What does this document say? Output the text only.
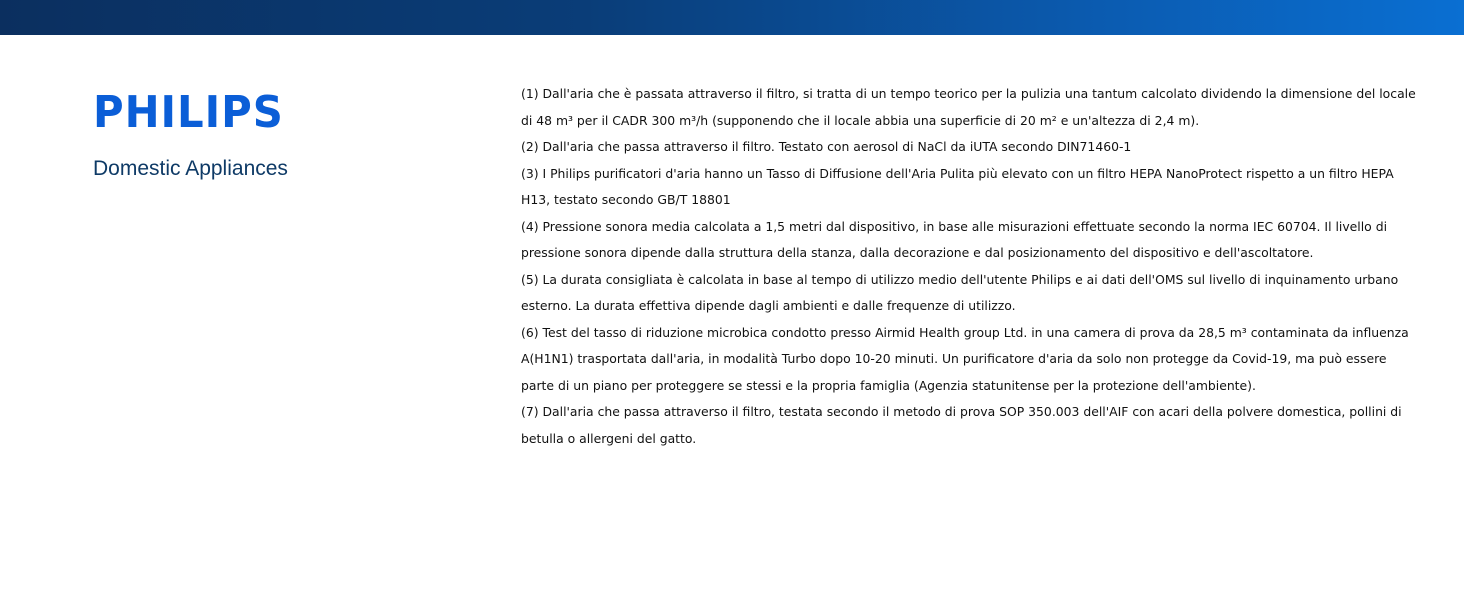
PHILIPS
Domestic Appliances

(1) Dall'aria che è passata attraverso il filtro, si tratta di un tempo teorico per la pulizia una tantum calcolato dividendo la dimensione del locale di 48 m³ per il CADR 300 m³/h (supponendo che il locale abbia una superficie di 20 m² e un'altezza di 2,4 m).

(2) Dall'aria che passa attraverso il filtro. Testato con aerosol di NaCl da iUTA secondo DIN71460-1

(3) I Philips purificatori d'aria hanno un Tasso di Diffusione dell'Aria Pulita più elevato con un filtro HEPA NanoProtect rispetto a un filtro HEPA H13, testato secondo GB/T 18801

(4) Pressione sonora media calcolata a 1,5 metri dal dispositivo, in base alle misurazioni effettuate secondo la norma IEC 60704. Il livello di pressione sonora dipende dalla struttura della stanza, dalla decorazione e dal posizionamento del dispositivo e dell'ascoltatore.

(5) La durata consigliata è calcolata in base al tempo di utilizzo medio dell'utente Philips e ai dati dell'OMS sul livello di inquinamento urbano esterno. La durata effettiva dipende dagli ambienti e dalle frequenze di utilizzo.

(6) Test del tasso di riduzione microbica condotto presso Airmid Health group Ltd. in una camera di prova da 28,5 m³ contaminata da influenza A(H1N1) trasportata dall'aria, in modalità Turbo dopo 10-20 minuti. Un purificatore d'aria da solo non protegge da Covid-19, ma può essere parte di un piano per proteggere se stessi e la propria famiglia (Agenzia statunitense per la protezione dell'ambiente).

(7) Dall'aria che passa attraverso il filtro, testata secondo il metodo di prova SOP 350.003 dell'AIF con acari della polvere domestica, pollini di betulla o allergeni del gatto.
